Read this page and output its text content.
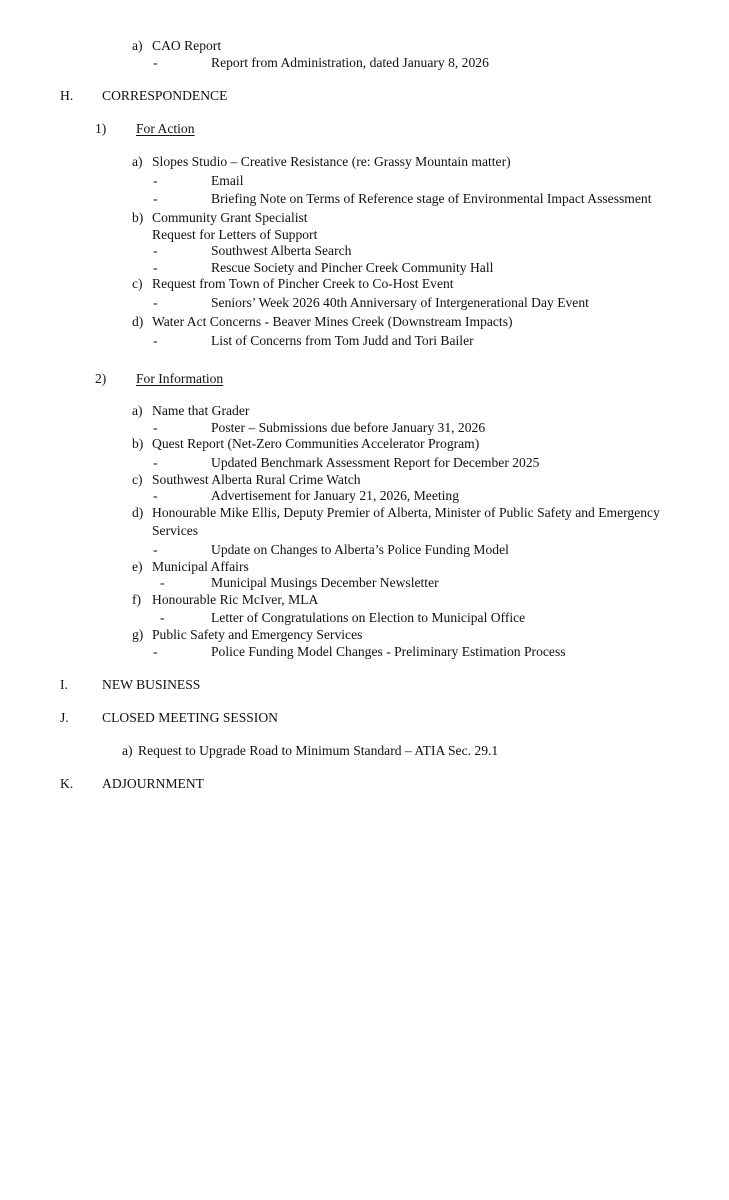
a) CAO Report
-	Report from Administration, dated January 8, 2026
H. CORRESPONDENCE
1) For Action
a) Slopes Studio – Creative Resistance (re: Grassy Mountain matter)
-	Email
-	Briefing Note on Terms of Reference stage of Environmental Impact Assessment
b) Community Grant Specialist
Request for Letters of Support
-	Southwest Alberta Search
-	Rescue Society and Pincher Creek Community Hall
c) Request from Town of Pincher Creek to Co-Host Event
-	Seniors’ Week 2026 40th Anniversary of Intergenerational Day Event
d) Water Act Concerns - Beaver Mines Creek (Downstream Impacts)
-	List of Concerns from Tom Judd and Tori Bailer
2) For Information
a) Name that Grader
-	Poster – Submissions due before January 31, 2026
b) Quest Report (Net-Zero Communities Accelerator Program)
-	Updated Benchmark Assessment Report for December 2025
c) Southwest Alberta Rural Crime Watch
-	Advertisement for January 21, 2026, Meeting
d) Honourable Mike Ellis, Deputy Premier of Alberta, Minister of Public Safety and Emergency
Services
-	Update on Changes to Alberta’s Police Funding Model
e) Municipal Affairs
-	Municipal Musings December Newsletter
f) Honourable Ric McIver, MLA
-	Letter of Congratulations on Election to Municipal Office
g) Public Safety and Emergency Services
-	Police Funding Model Changes - Preliminary Estimation Process
I.	NEW BUSINESS
J. CLOSED MEETING SESSION
a) Request to Upgrade Road to Minimum Standard – ATIA Sec. 29.1
K. ADJOURNMENT
